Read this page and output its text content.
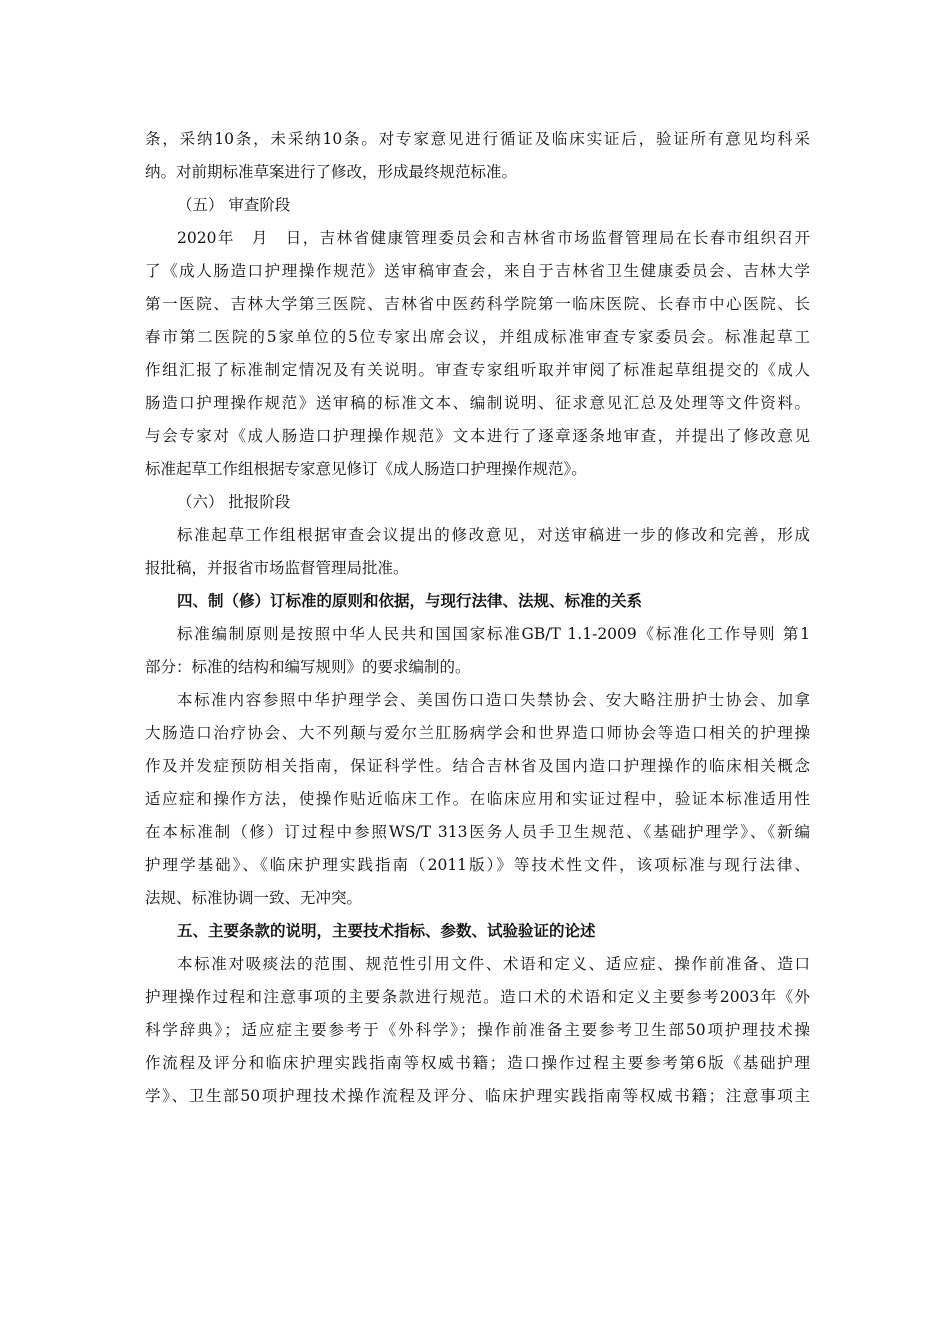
条，采纳10条，未采纳10条。对专家意见进行循证及临床实证后，验证所有意见均科采
纳。对前期标准草案进行了修改，形成最终规范标准。
（五） 审查阶段
2020年　月　日，吉林省健康管理委员会和吉林省市场监督管理局在长春市组织召开
了《成人肠造口护理操作规范》送审稿审查会，来自于吉林省卫生健康委员会、吉林大学
第一医院、吉林大学第三医院、吉林省中医药科学院第一临床医院、长春市中心医院、长
春市第二医院的5家单位的5位专家出席会议，并组成标准审查专家委员会。标准起草工
作组汇报了标准制定情况及有关说明。审查专家组听取并审阅了标准起草组提交的《成人
肠造口护理操作规范》送审稿的标准文本、编制说明、征求意见汇总及处理等文件资料。
与会专家对《成人肠造口护理操作规范》文本进行了逐章逐条地审查，并提出了修改意见
标准起草工作组根据专家意见修订《成人肠造口护理操作规范》。
（六） 批报阶段
标准起草工作组根据审查会议提出的修改意见，对送审稿进一步的修改和完善，形成
报批稿，并报省市场监督管理局批准。
四、制（修）订标准的原则和依据，与现行法律、法规、标准的关系
标准编制原则是按照中华人民共和国国家标准GB/T 1.1-2009《标准化工作导则 第1
部分：标准的结构和编写规则》的要求编制的。
本标准内容参照中华护理学会、美国伤口造口失禁协会、安大略注册护士协会、加拿
大肠造口治疗协会、大不列颠与爱尔兰肛肠病学会和世界造口师协会等造口相关的护理操
作及并发症预防相关指南，保证科学性。结合吉林省及国内造口护理操作的临床相关概念
适应症和操作方法，使操作贴近临床工作。在临床应用和实证过程中，验证本标准适用性
在本标准制（修）订过程中参照WS/T 313医务人员手卫生规范、《基础护理学》、《新编
护理学基础》、《临床护理实践指南（2011版）》等技术性文件，该项标准与现行法律、
法规、标准协调一致、无冲突。
五、主要条款的说明，主要技术指标、参数、试验验证的论述
本标准对吸痰法的范围、规范性引用文件、术语和定义、适应症、操作前准备、造口
护理操作过程和注意事项的主要条款进行规范。造口术的术语和定义主要参考2003年《外
科学辞典》；适应症主要参考于《外科学》；操作前准备主要参考卫生部50项护理技术操
作流程及评分和临床护理实践指南等权威书籍；造口操作过程主要参考第6版《基础护理
学》、卫生部50项护理技术操作流程及评分、临床护理实践指南等权威书籍；注意事项主
